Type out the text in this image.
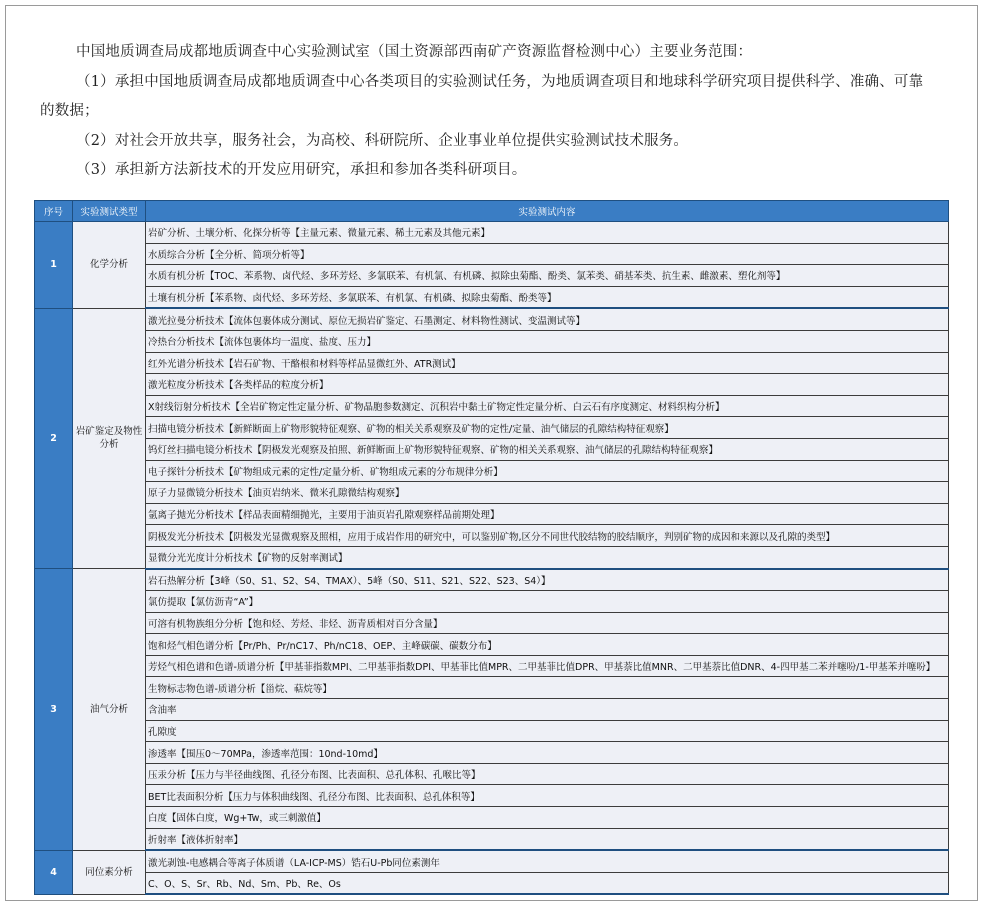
中国地质调查局成都地质调查中心实验测试室（国土资源部西南矿产资源监督检测中心）主要业务范围：

（1）承担中国地质调查局成都地质调查中心各类项目的实验测试任务，为地质调查项目和地球科学研究项目提供科学、准确、可靠的数据；

（2）对社会开放共享，服务社会，为高校、科研院所、企业事业单位提供实验测试技术服务。

（3）承担新方法新技术的开发应用研究，承担和参加各类科研项目。

序号	实验测试类型	实验测试内容
1	化学分析	岩矿分析、土壤分析、化探分析等【主量元素、微量元素、稀土元素及其他元素】
		水质综合分析【全分析、简项分析等】
		水质有机分析【TOC、苯系物、卤代烃、多环芳烃、多氯联苯、有机氯、有机磷、拟除虫菊酯、酚类、氯苯类、硝基苯类、抗生素、雌激素、塑化剂等】
		土壤有机分析【苯系物、卤代烃、多环芳烃、多氯联苯、有机氯、有机磷、拟除虫菊酯、酚类等】
2	岩矿鉴定及物性分析	激光拉曼分析技术【流体包裹体成分测试、原位无损岩矿鉴定、石墨测定、材料物性测试、变温测试等】
		冷热台分析技术【流体包裹体均一温度、盐度、压力】
		红外光谱分析技术【岩石矿物、干酪根和材料等样品显微红外、ATR测试】
		激光粒度分析技术【各类样品的粒度分析】
		X射线衍射分析技术【全岩矿物定性定量分析、矿物晶胞参数测定、沉积岩中黏土矿物定性定量分析、白云石有序度测定、材料织构分析】
		扫描电镜分析技术【新鲜断面上矿物形貌特征观察、矿物的相关关系观察及矿物的定性/定量、油气储层的孔隙结构特征观察】
		钨灯丝扫描电镜分析技术【阴极发光观察及拍照、新鲜断面上矿物形貌特征观察、矿物的相关关系观察、油气储层的孔隙结构特征观察】
		电子探针分析技术【矿物组成元素的定性/定量分析、矿物组成元素的分布规律分析】
		原子力显微镜分析技术【油页岩纳米、微米孔隙微结构观察】
		氩离子抛光分析技术【样品表面精细抛光，主要用于油页岩孔隙观察样品前期处理】
		阴极发光分析技术【阴极发光显微观察及照相，应用于成岩作用的研究中，可以鉴别矿物,区分不同世代胶结物的胶结顺序，判别矿物的成因和来源以及孔隙的类型】
		显微分光光度计分析技术【矿物的反射率测试】
3	油气分析	岩石热解分析【3峰（S0、S1、S2、S4、TMAX）、5峰（S0、S11、S21、S22、S23、S4）】
		氯仿提取【氯仿沥青“A”】
		可溶有机物族组分分析【饱和烃、芳烃、非烃、沥青质相对百分含量】
		饱和烃气相色谱分析【Pr/Ph、Pr/nC17、Ph/nC18、OEP、主峰碳碳、碳数分布】
		芳烃气相色谱和色谱-质谱分析【甲基菲指数MPI、二甲基菲指数DPI、甲基菲比值MPR、二甲基菲比值DPR、甲基萘比值MNR、二甲基萘比值DNR、4-四甲基二苯并噻吩/1-甲基苯并噻吩】
		生物标志物色谱-质谱分析【甾烷、萜烷等】
		含油率
		孔隙度
		渗透率【围压0～70MPa，渗透率范围：10nd-10md】
		压汞分析【压力与半径曲线图、孔径分布图、比表面积、总孔体积、孔喉比等】
		BET比表面积分析【压力与体积曲线图、孔径分布图、比表面积、总孔体积等】
		白度【固体白度，Wg+Tw，或三刺激值】
		折射率【液体折射率】
4	同位素分析	激光剥蚀-电感耦合等离子体质谱（LA-ICP-MS）锆石U-Pb同位素测年
		C、O、S、Sr、Rb、Nd、Sm、Pb、Re、Os
